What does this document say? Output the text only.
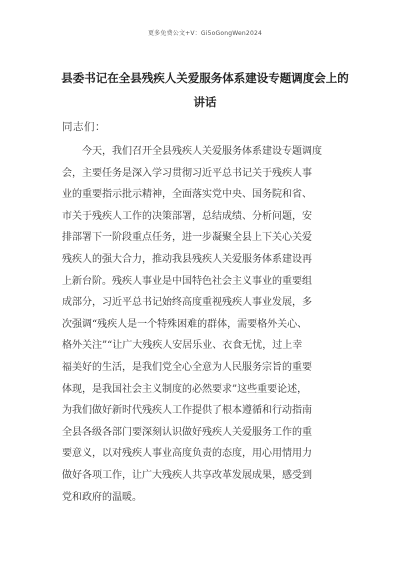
更多免费公文+V：Gi5oGongWen2024
县委书记在全县残疾人关爱服务体系建设专题调度会上的
讲话
同志们：
今天，我们召开全县残疾人关爱服务体系建设专题调度
会，主要任务是深入学习贯彻习近平总书记关于残疾人事
业的重要指示批示精神，全面落实党中央、国务院和省、
市关于残疾人工作的决策部署，总结成绩、分析问题，安
排部署下一阶段重点任务，进一步凝聚全县上下关心关爱
残疾人的强大合力，推动我县残疾人关爱服务体系建设再
上新台阶。残疾人事业是中国特色社会主义事业的重要组
成部分，习近平总书记始终高度重视残疾人事业发展，多
次强调“残疾人是一个特殊困难的群体，需要格外关心、
格外关注”“让广大残疾人安居乐业、衣食无忧，过上幸
福美好的生活，是我们党全心全意为人民服务宗旨的重要
体现，是我国社会主义制度的必然要求”这些重要论述，
为我们做好新时代残疾人工作提供了根本遵循和行动指南
全县各级各部门要深刻认识做好残疾人关爱服务工作的重
要意义，以对残疾人事业高度负责的态度，用心用情用力
做好各项工作，让广大残疾人共享改革发展成果，感受到
党和政府的温暖。
